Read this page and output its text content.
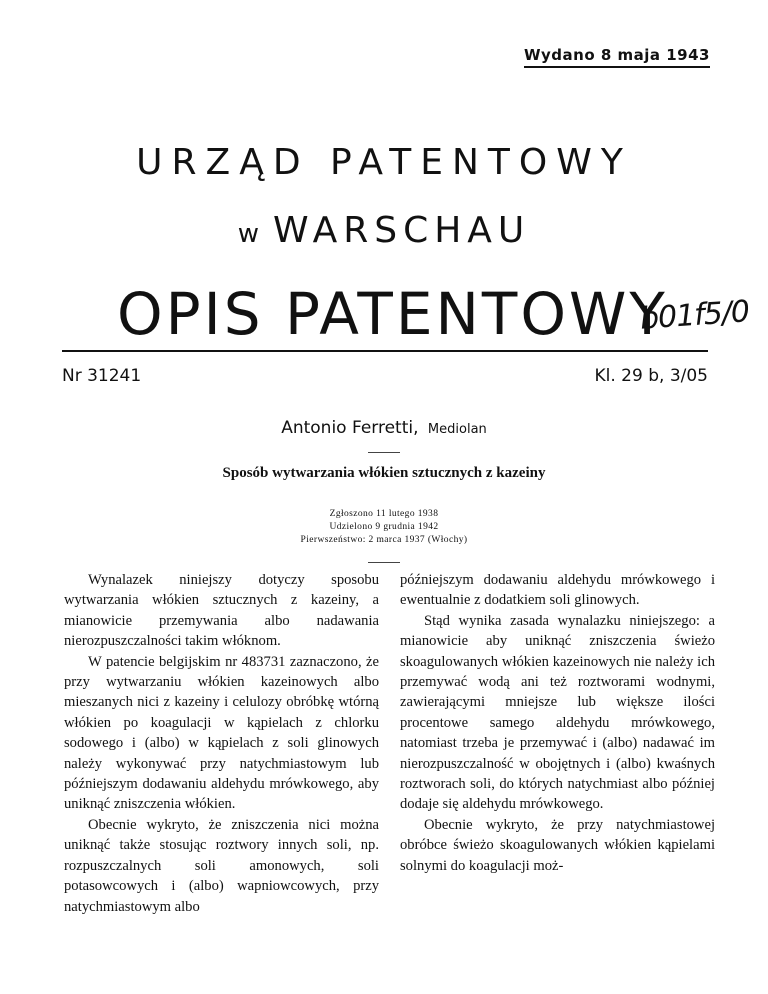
Wydano 8 maja 1943
URZĄD PATENTOWY
w WARSCHAU
OPIS PATENTOWY
b01f5/0
Nr 31241	Kl. 29 b, 3/05
Antonio Ferretti, Mediolan
Sposób wytwarzania włókien sztucznych z kazeiny
Zgłoszono 11 lutego 1938
Udzielono 9 grudnia 1942
Pierwszeństwo: 2 marca 1937 (Włochy)

Wynalazek niniejszy dotyczy sposobu wytwarzania włókien sztucznych z kazeiny, a mianowicie przemywania albo nadawania nierozpuszczalności takim włóknom.

W patencie belgijskim nr 483731 zaznaczono, że przy wytwarzaniu włókien kazeinowych albo mieszanych nici z kazeiny i celulozy obróbkę wtórną włókien po koagulacji w kąpielach z chlorku sodowego i (albo) w kąpielach z soli glinowych należy wykonywać przy natychmiastowym lub późniejszym dodawaniu aldehydu mrówkowego, aby uniknąć zniszczenia włókien.

Obecnie wykryto, że zniszczenia nici można uniknąć także stosując roztwory innych soli, np. rozpuszczalnych soli amonowych, soli potasowcowych i (albo) wapniowcowych, przy natychmiastowym albo

późniejszym dodawaniu aldehydu mrówkowego i ewentualnie z dodatkiem soli glinowych.

Stąd wynika zasada wynalazku niniejszego: a mianowicie aby uniknąć zniszczenia świeżo skoagulowanych włókien kazeinowych nie należy ich przemywać wodą ani też roztworami wodnymi, zawierającymi mniejsze lub większe ilości procentowe samego aldehydu mrówkowego, natomiast trzeba je przemywać i (albo) nadawać im nierozpuszczalność w obojętnych i (albo) kwaśnych roztworach soli, do których natychmiast albo później dodaje się aldehydu mrówkowego.

Obecnie wykryto, że przy natychmiastowej obróbce świeżo skoagulowanych włókien kąpielami solnymi do koagulacji moż-
